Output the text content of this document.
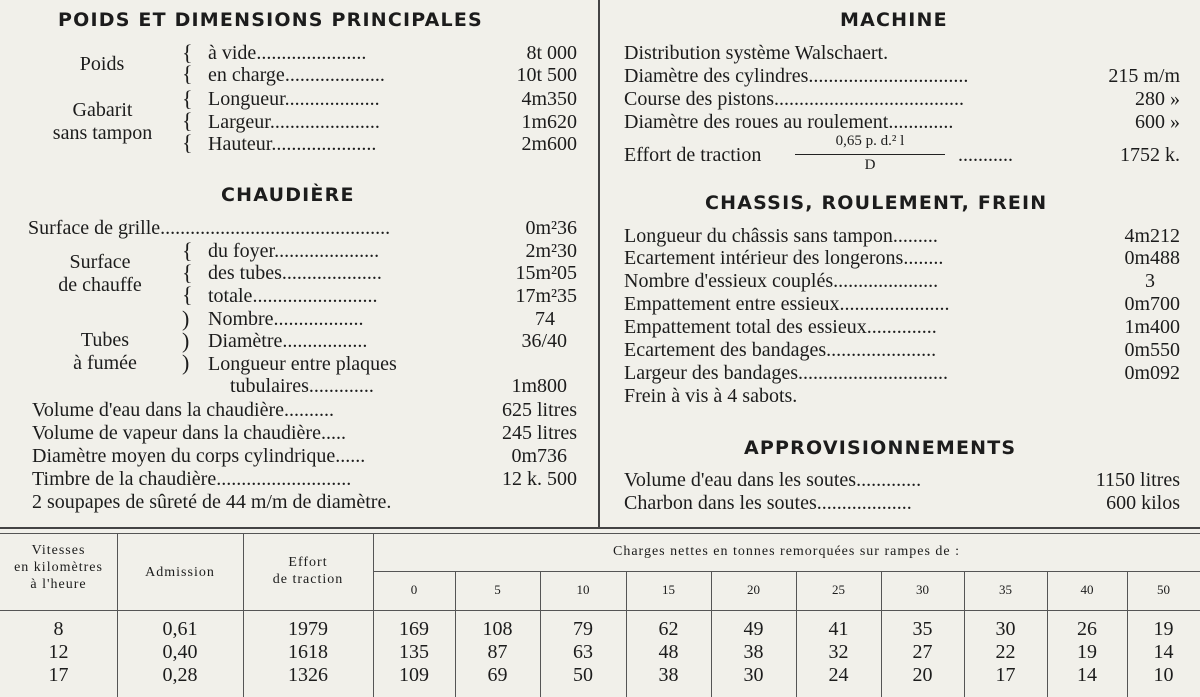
POIDS ET DIMENSIONS PRINCIPALES
Poids	{
{
à vide......................	8t 000
en charge....................	10t 500
Gabarit
sans tampon
{
{
{
Longueur...................	4m350
Largeur......................	1m620
Hauteur.....................	2m600
CHAUDIÈRE
Surface de grille..............................................	0m²36
Surface
de chauffe
{
{
{
du foyer.....................	2m²30
des tubes....................	15m²05
totale.........................	17m²35
Tubes
à fumée
)
)
)
Nombre..................	74
Diamètre.................	36/40
Longueur entre plaques
tubulaires.............	1m800
Volume d'eau dans la chaudière..........	625 litres
Volume de vapeur dans la chaudière.....	245 litres
Diamètre moyen du corps cylindrique......	0m736
Timbre de la chaudière...........................	12 k. 500
2 soupapes de sûreté de 44 m/m de diamètre.
MACHINE
Distribution système Walschaert.
Diamètre des cylindres................................	215 m/m
Course des pistons......................................	280 »
Diamètre des roues au roulement.............	600 »
Effort de traction
0,65 p. d.² l
D	...........	1752 k.
CHASSIS, ROULEMENT, FREIN
Longueur du châssis sans tampon.........	4m212
Ecartement intérieur des longerons........	0m488
Nombre d'essieux couplés.....................	3
Empattement entre essieux......................	0m700
Empattement total des essieux..............	1m400
Ecartement des bandages......................	0m550
Largeur des bandages..............................	0m092
Frein à vis à 4 sabots.
APPROVISIONNEMENTS
Volume d'eau dans les soutes.............	1150 litres
Charbon dans les soutes...................	600 kilos
Vitesses
en kilomètres
à l'heure
Admission
Effort
de traction
Charges nettes en tonnes remorquées sur rampes de :
0	5	10	15	20	25	30	35	40	50
8	0,61	1979	169	108	79	62	49	41	35	30	26	19
12	0,40	1618	135	87	63	48	38	32	27	22	19	14
17	0,28	1326	109	69	50	38	30	24	20	17	14	10
